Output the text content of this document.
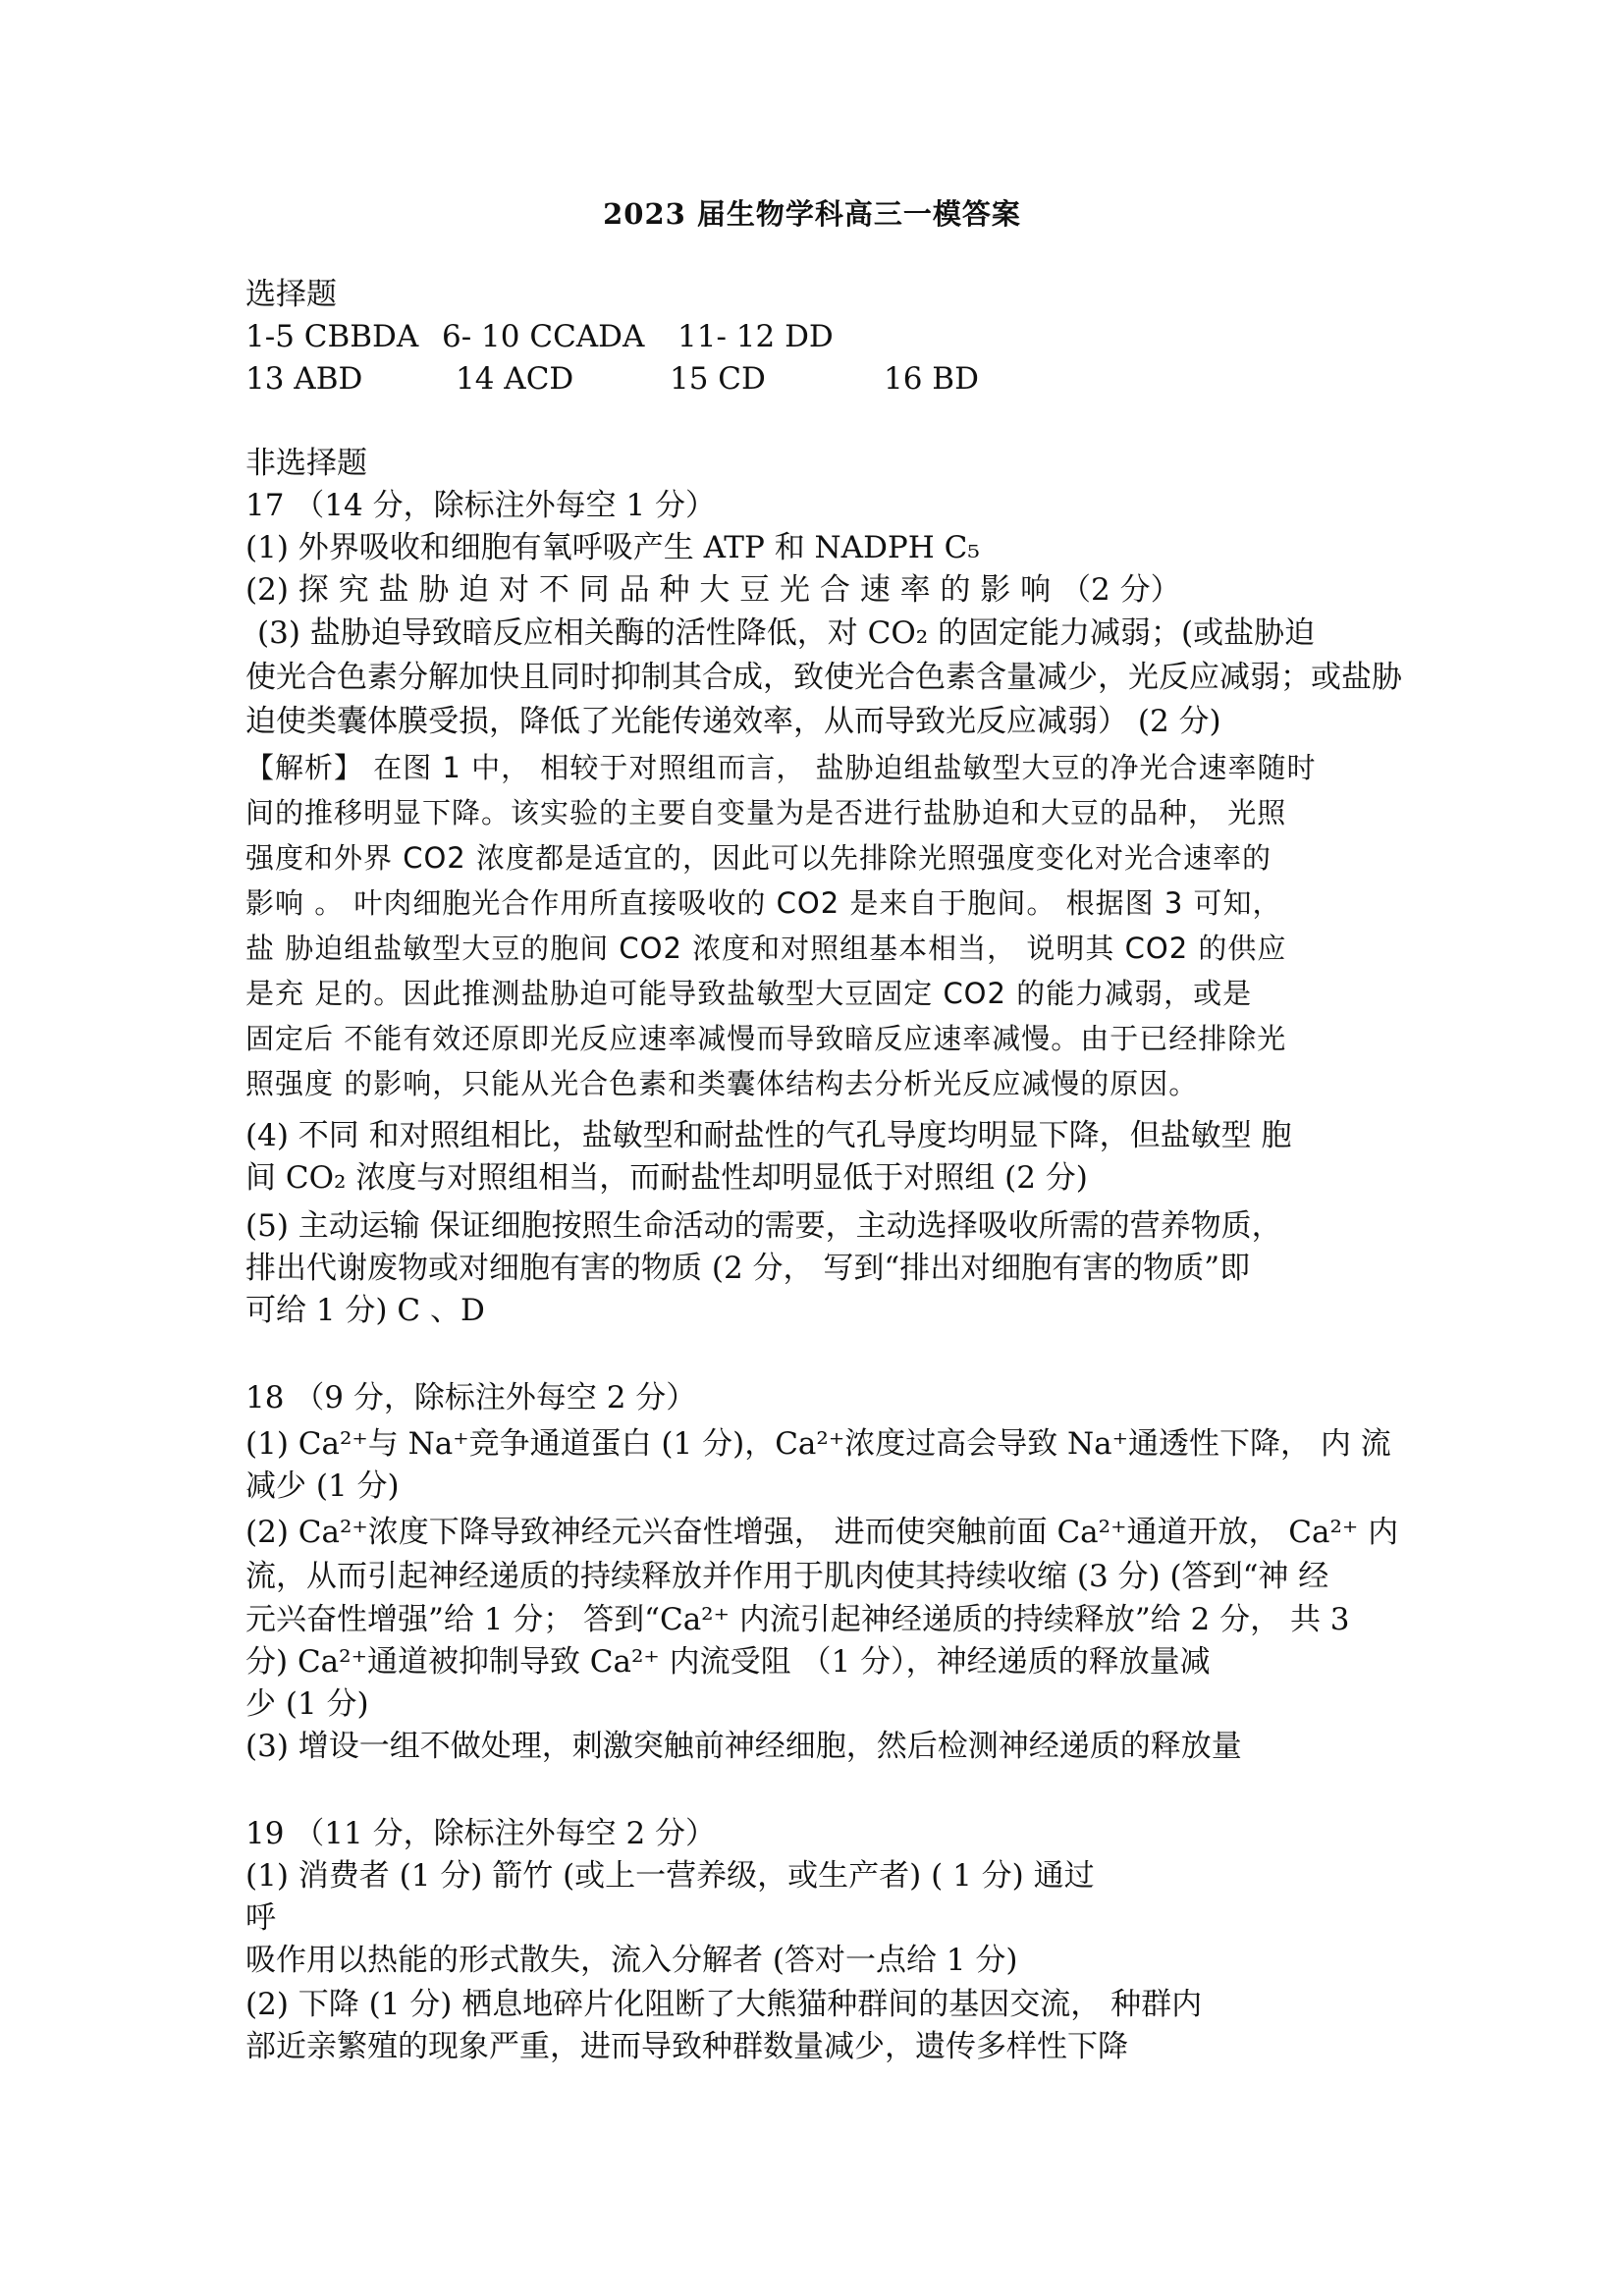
2023 届生物学科高三一模答案
选择题
1-5 CBBDA 6- 10 CCADA 11- 12 DD
13 ABD	14 ACD	15 CD	16 BD
非选择题
17 （14 分，除标注外每空 1 分）
(1) 外界吸收和细胞有氧呼吸产生 ATP 和 NADPH C₅
(2) 探 究 盐 胁 迫 对 不 同 品 种 大 豆 光 合 速 率 的 影 响 （2 分）
(3) 盐胁迫导致暗反应相关酶的活性降低，对 CO₂ 的固定能力减弱；(或盐胁迫
使光合色素分解加快且同时抑制其合成，致使光合色素含量减少，光反应减弱；或盐胁
迫使类囊体膜受损，降低了光能传递效率，从而导致光反应减弱） (2 分)
【解析】 在图 1 中， 相较于对照组而言， 盐胁迫组盐敏型大豆的净光合速率随时
间的推移明显下降。该实验的主要自变量为是否进行盐胁迫和大豆的品种， 光照
强度和外界 CO2 浓度都是适宜的，因此可以先排除光照强度变化对光合速率的
影响 。 叶肉细胞光合作用所直接吸收的 CO2 是来自于胞间。 根据图 3 可知，
盐 胁迫组盐敏型大豆的胞间 CO2 浓度和对照组基本相当， 说明其 CO2 的供应
是充 足的。因此推测盐胁迫可能导致盐敏型大豆固定 CO2 的能力减弱，或是
固定后 不能有效还原即光反应速率减慢而导致暗反应速率减慢。由于已经排除光
照强度 的影响，只能从光合色素和类囊体结构去分析光反应减慢的原因。
(4) 不同 和对照组相比，盐敏型和耐盐性的气孔导度均明显下降，但盐敏型 胞
间 CO₂ 浓度与对照组相当，而耐盐性却明显低于对照组 (2 分)
(5) 主动运输 保证细胞按照生命活动的需要，主动选择吸收所需的营养物质，
排出代谢废物或对细胞有害的物质 (2 分， 写到“排出对细胞有害的物质”即
可给 1 分) C 、D
18 （9 分，除标注外每空 2 分）
(1) Ca²⁺与 Na⁺竞争通道蛋白 (1 分)，Ca²⁺浓度过高会导致 Na⁺通透性下降， 内 流
减少 (1 分)
(2) Ca²⁺浓度下降导致神经元兴奋性增强， 进而使突触前面 Ca²⁺通道开放， Ca²⁺ 内
流，从而引起神经递质的持续释放并作用于肌肉使其持续收缩 (3 分) (答到“神 经
元兴奋性增强”给 1 分； 答到“Ca²⁺ 内流引起神经递质的持续释放”给 2 分， 共 3
分) Ca²⁺通道被抑制导致 Ca²⁺ 内流受阻 （1 分），神经递质的释放量减
少 (1 分)
(3) 增设一组不做处理，刺激突触前神经细胞，然后检测神经递质的释放量
19 （11 分，除标注外每空 2 分）
(1) 消费者 (1 分) 箭竹 (或上一营养级，或生产者) ( 1 分) 通过
呼
吸作用以热能的形式散失，流入分解者 (答对一点给 1 分)
(2) 下降 (1 分) 栖息地碎片化阻断了大熊猫种群间的基因交流， 种群内
部近亲繁殖的现象严重，进而导致种群数量减少，遗传多样性下降
